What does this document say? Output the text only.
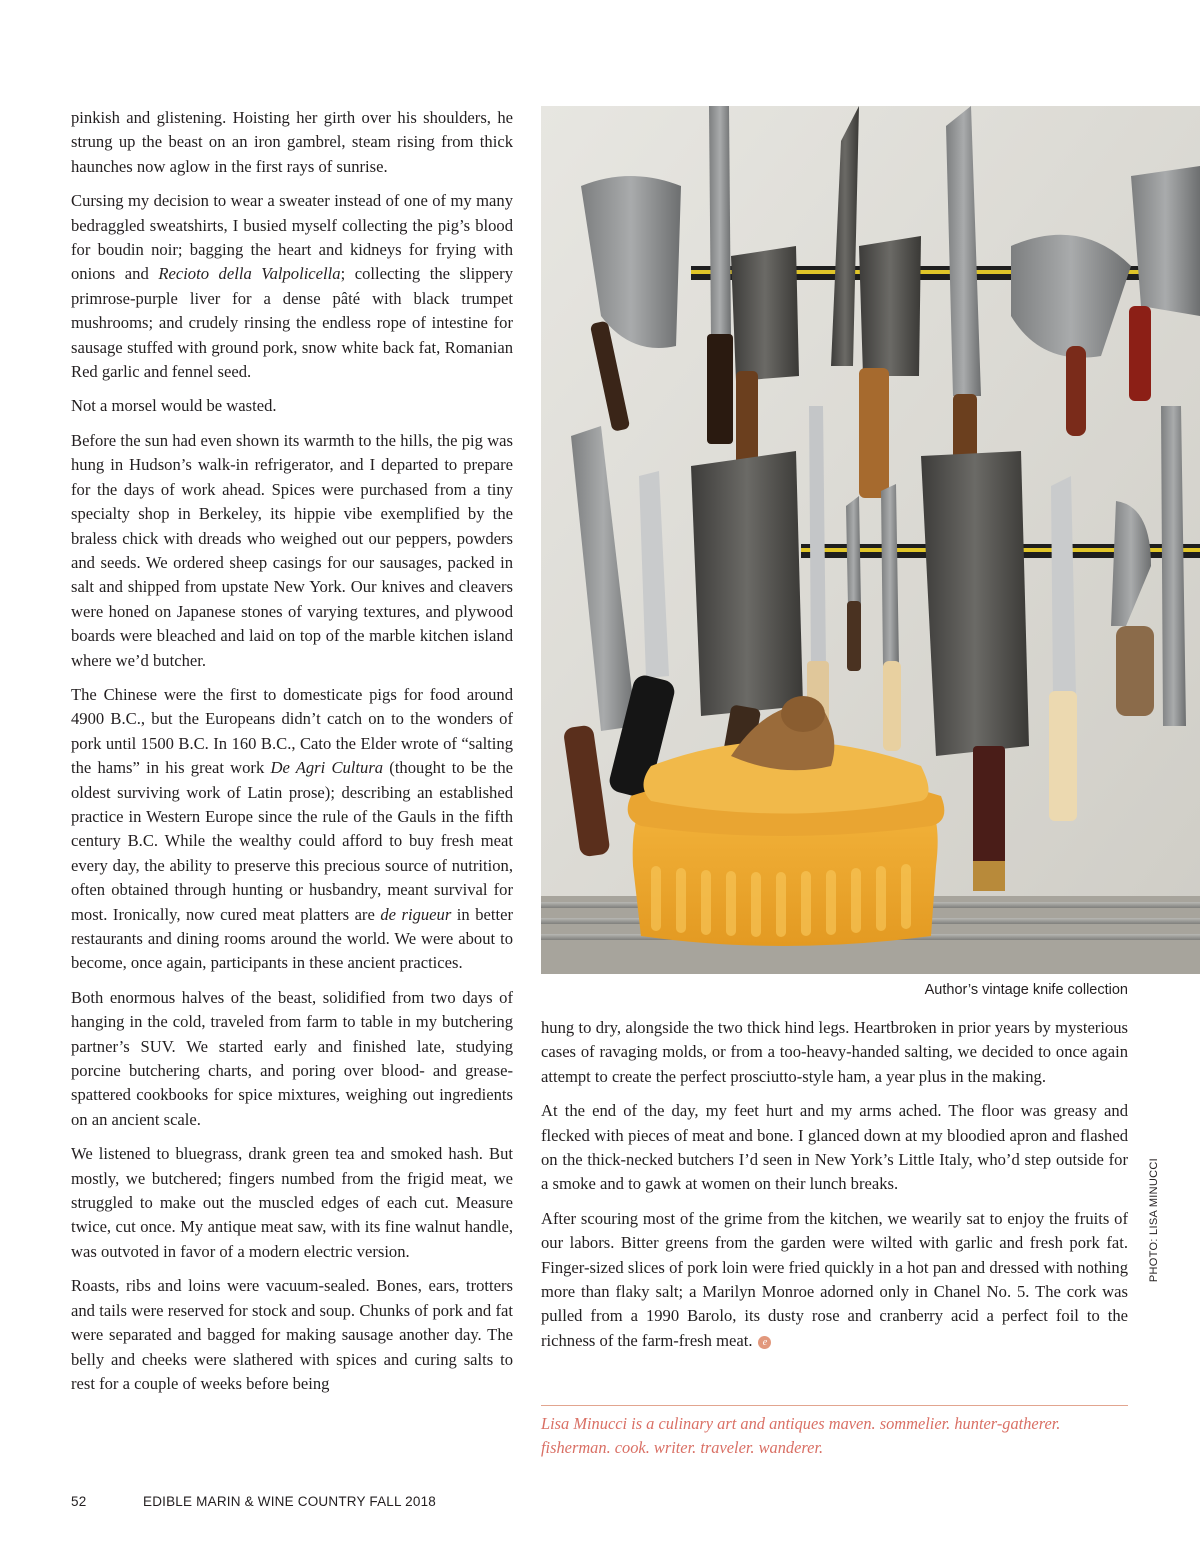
pinkish and glistening. Hoisting her girth over his shoulders, he strung up the beast on an iron gambrel, steam rising from thick haunches now aglow in the first rays of sunrise.

Cursing my decision to wear a sweater instead of one of my many bedraggled sweatshirts, I busied myself collecting the pig’s blood for boudin noir; bagging the heart and kidneys for frying with onions and Recioto della Valpolicella; collecting the slippery primrose-purple liver for a dense pâté with black trumpet mushrooms; and crudely rinsing the endless rope of intestine for sausage stuffed with ground pork, snow white back fat, Romanian Red garlic and fennel seed.

Not a morsel would be wasted.

Before the sun had even shown its warmth to the hills, the pig was hung in Hudson’s walk-in refrigerator, and I departed to prepare for the days of work ahead. Spices were purchased from a tiny specialty shop in Berkeley, its hippie vibe exemplified by the braless chick with dreads who weighed out our peppers, powders and seeds. We ordered sheep casings for our sausages, packed in salt and shipped from upstate New York. Our knives and cleavers were honed on Japanese stones of varying textures, and plywood boards were bleached and laid on top of the marble kitchen island where we’d butcher.

The Chinese were the first to domesticate pigs for food around 4900 B.C., but the Europeans didn’t catch on to the wonders of pork until 1500 B.C. In 160 B.C., Cato the Elder wrote of “salting the hams” in his great work De Agri Cultura (thought to be the oldest surviving work of Latin prose); describing an established practice in Western Europe since the rule of the Gauls in the fifth century B.C. While the wealthy could afford to buy fresh meat every day, the ability to preserve this precious source of nutrition, often obtained through hunting or husbandry, meant survival for most. Ironically, now cured meat platters are de rigueur in better restaurants and dining rooms around the world. We were about to become, once again, participants in these ancient practices.

Both enormous halves of the beast, solidified from two days of hanging in the cold, traveled from farm to table in my butchering partner’s SUV. We started early and finished late, studying porcine butchering charts, and poring over blood- and grease-spattered cookbooks for spice mixtures, weighing out ingredients on an ancient scale.

We listened to bluegrass, drank green tea and smoked hash. But mostly, we butchered; fingers numbed from the frigid meat, we struggled to make out the muscled edges of each cut. Measure twice, cut once. My antique meat saw, with its fine walnut handle, was outvoted in favor of a modern electric version.

Roasts, ribs and loins were vacuum-sealed. Bones, ears, trotters and tails were reserved for stock and soup. Chunks of pork and fat were separated and bagged for making sausage another day. The belly and cheeks were slathered with spices and curing salts to rest for a couple of weeks before being

Author’s vintage knife collection
PHOTO: LISA MINUCCI

hung to dry, alongside the two thick hind legs. Heartbroken in prior years by mysterious cases of ravaging molds, or from a too-heavy-handed salting, we decided to once again attempt to create the perfect prosciutto-style ham, a year plus in the making.

At the end of the day, my feet hurt and my arms ached. The floor was greasy and flecked with pieces of meat and bone. I glanced down at my bloodied apron and flashed on the thick-necked butchers I’d seen in New York’s Little Italy, who’d step outside for a smoke and to gawk at women on their lunch breaks.

After scouring most of the grime from the kitchen, we wearily sat to enjoy the fruits of our labors. Bitter greens from the garden were wilted with garlic and fresh pork fat. Finger-sized slices of pork loin were fried quickly in a hot pan and dressed with nothing more than flaky salt; a Marilyn Monroe adorned only in Chanel No. 5. The cork was pulled from a 1990 Barolo, its dusty rose and cranberry acid a perfect foil to the richness of the farm-fresh meat. e

Lisa Minucci is a culinary art and antiques maven. sommelier. hunter-gatherer. fisherman. cook. writer. traveler. wanderer.
52	EDIBLE MARIN & WINE COUNTRY FALL 2018
